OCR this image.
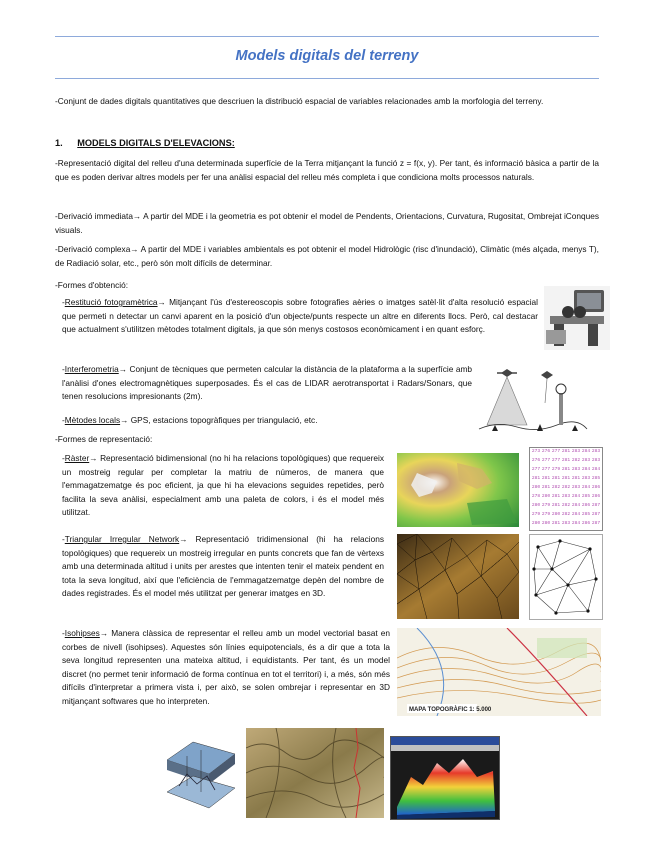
Models digitals del terreny
-Conjunt de dades digitals quantitatives que descriuen la distribució espacial de variables relacionades amb la morfologia del terreny.
1. MODELS DIGITALS D'ELEVACIONS:
-Representació digital del relleu d'una determinada superfície de la Terra mitjançant la funció z = f(x, y). Per tant, és informació bàsica a partir de la que es poden derivar altres models per fer una anàlisi espacial del relleu més completa i que condiciona molts processos naturals.
-Derivació immediata→ A partir del MDE i la geometria es pot obtenir el model de Pendents, Orientacions, Curvatura, Rugositat, Ombrejat iConques visuals.
-Derivació complexa→ A partir del MDE i variables ambientals es pot obtenir el model Hidrològic (risc d'inundació), Climàtic (més alçada, menys T), de Radiació solar, etc., però són molt difícils de determinar.
-Formes d'obtenció:
-Restitució fotogramètrica→ Mitjançant l'ús d'estereoscopis sobre fotografies aèries o imatges satèl·lit d'alta resolució espacial que permeti n detectar un canvi aparent en la posició d'un objecte/punts respecte un altre en diferents llocs. Però, cal destacar que actualment s'utilitzen mètodes totalment digitals, ja que són menys costosos econòmicament i en quant esforç.
-Interferometria→ Conjunt de tècniques que permeten calcular la distància de la plataforma a la superfície amb l'anàlisi d'ones electromagnètiques superposades. És el cas de LIDAR aerotransportat i Radars/Sonars, que tenen resolucions impresionants (2m).
-Mètodes locals→ GPS, estacions topogràfiques per triangulació, etc.
-Formes de representació:
-Ràster→ Representació bidimensional (no hi ha relacions topològiques) que requereix un mostreig regular per completar la matriu de números, de manera que l'emmagatzematge és poc eficient, ja que hi ha elevacions seguides repetides, però facilita la seva anàlisi, especialment amb una paleta de colors, i és el model més utilitzat.
-Triangular Irregular Network→ Representació tridimensional (hi ha relacions topològiques) que requereix un mostreig irregular en punts concrets que fan de vèrtexs amb una determinada altitud i units per arestes que intenten tenir el mateix pendent en tota la seva longitud, així que l'eficiència de l'emmagatzematge depèn del nombre de dades registrades. És el model més utilitzat per generar imatges en 3D.
-Isohipses→ Manera clàssica de representar el relleu amb un model vectorial basat en corbes de nivell (isohipses). Aquestes són línies equipotencials, és a dir que a tota la seva longitud representen una mateixa altitud, i equidistants. Per tant, és un model discret (no permet tenir informació de forma contínua en tot el territori) i, a més, són més difícils d'interpretar a primera vista i, per això, se solen ombrejar i representar en 3D mitjançant softwares que ho interpreten.
273 276 277 281 283 284 283
276 277 277 281 282 283 283
277 277 279 281 283 284 284
281 281 281 281 281 283 285
280 281 282 282 283 284 286
278 280 281 283 284 285 286
280 279 281 282 284 286 287
279 279 280 282 284 285 287
280 280 281 283 284 286 287
MAPA TOPOGRÀFIC 1: 5.000
